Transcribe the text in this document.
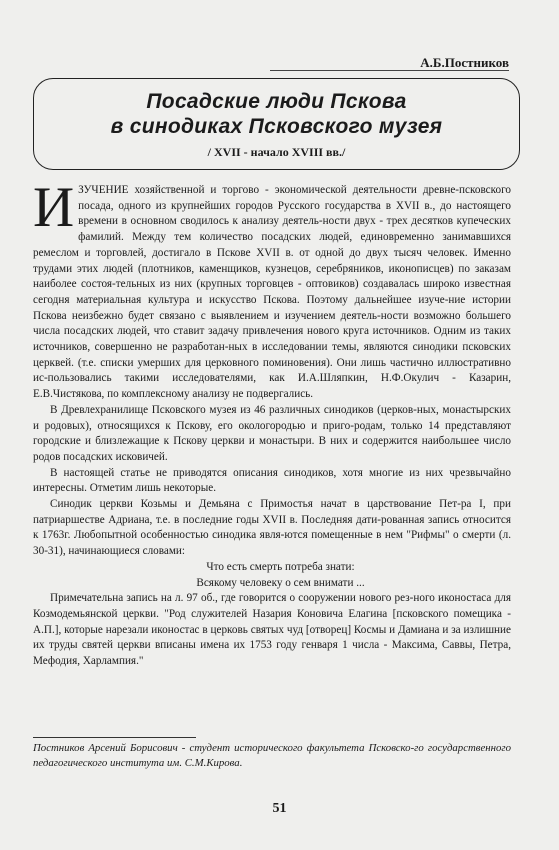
А.Б.Постников
Посадские люди Пскова
в синодиках Псковского музея
/ XVII - начало XVIII вв./

ИЗУЧЕНИЕ хозяйственной и торгово - экономической деятельности древне-псковского посада, одного из крупнейших городов Русского государства в XVII в., до настоящего времени в основном сводилось к анализу деятель-ности двух - трех десятков купеческих фамилий. Между тем количество посадских людей, единовременно занимавшихся ремеслом и торговлей, достигало в Пскове XVII в. от одной до двух тысяч человек. Именно трудами этих людей (плотников, каменщиков, кузнецов, серебряников, иконописцев) по заказам наиболее состоя-тельных из них (крупных торговцев - оптовиков) создавалась широко известная сегодня материальная культура и искусство Пскова. Поэтому дальнейшее изуче-ние истории Пскова неизбежно будет связано с выявлением и изучением деятель-ности возможно большего числа посадских людей, что ставит задачу привлечения нового круга источников. Одним из таких источников, совершенно не разработан-ных в исследовании темы, являются синодики псковских церквей. (т.е. списки умерших для церковного поминовения). Они лишь частично иллюстративно ис-пользовались такими исследователями, как И.А.Шляпкин, Н.Ф.Окулич - Казарин, Е.В.Чистякова, по комплексному анализу не подвергались.

В Древлехранилище Псковского музея из 46 различных синодиков (церков-ных, монастырских и родовых), относящихся к Пскову, его окологородью и приго-родам, только 14 представляют городские и близлежащие к Пскову церкви и монастыри. В них и содержится наибольшее число родов посадских исковичей.

В настоящей статье не приводятся описания синодиков, хотя многие из них чрезвычайно интересны. Отметим лишь некоторые.

Синодик церкви Козьмы и Демьяна с Примостья начат в царствование Пет-ра I, при патриаршестве Адриана, т.е. в последние годы XVII в. Последняя дати-рованная запись относится к 1763г. Любопытной особенностью синодика явля-ются помещенные в нем "Рифмы" о смерти (л. 30-31), начинающиеся словами:

Что есть смерть потреба знати:

Всякому человеку о сем внимати ...

Примечательна запись на л. 97 об., где говорится о сооружении нового рез-ного иконостаса для Козмодемьянской церкви. "Род служителей Назария Коновича Елагина [псковского помещика - А.П.], которые нарезали иконостас в церковь святых чуд [отворец] Космы и Дамиана и за излишние их труды святей церкви вписаны имена их 1753 году генваря 1 числа - Максима, Саввы, Петра, Мефодия, Харлампия."

Постников Арсений Борисович - студент исторического факультета Псковско-го государственного педагогического института им. С.М.Кирова.
51
